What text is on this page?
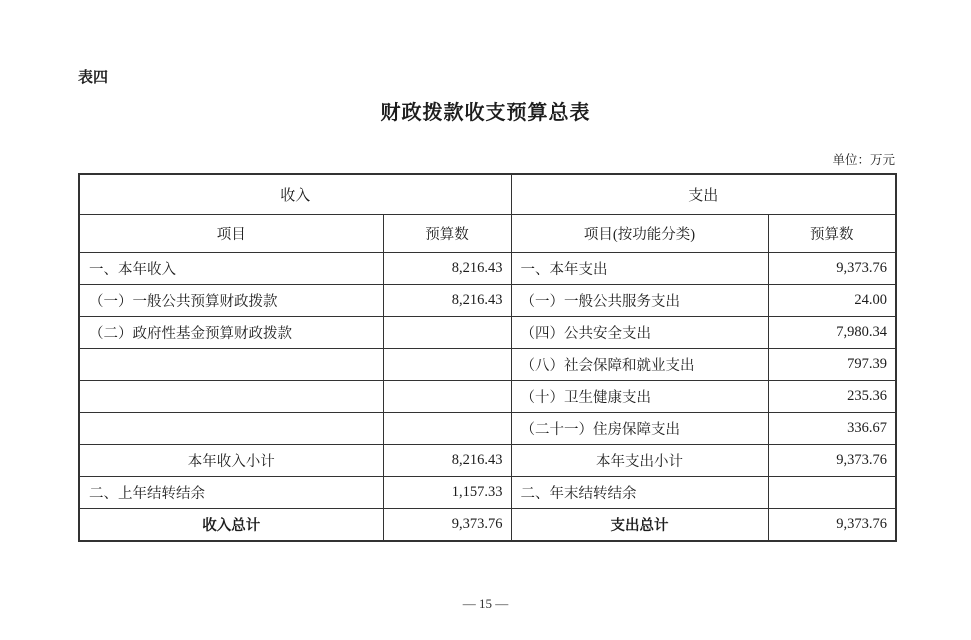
表四
财政拨款收支预算总表
单位：万元
收入		支出	
项目	预算数	项目(按功能分类)	预算数
一、本年收入	8,216.43	一、本年支出	9,373.76
（一）一般公共预算财政拨款	8,216.43	（一）一般公共服务支出	24.00
（二）政府性基金预算财政拨款		（四）公共安全支出	7,980.34
		（八）社会保障和就业支出	797.39
		（十）卫生健康支出	235.36
		（二十一）住房保障支出	336.67
本年收入小计	8,216.43	本年支出小计	9,373.76
二、上年结转结余	1,157.33	二、年末结转结余	
收入总计	9,373.76	支出总计	9,373.76
— 15 —
